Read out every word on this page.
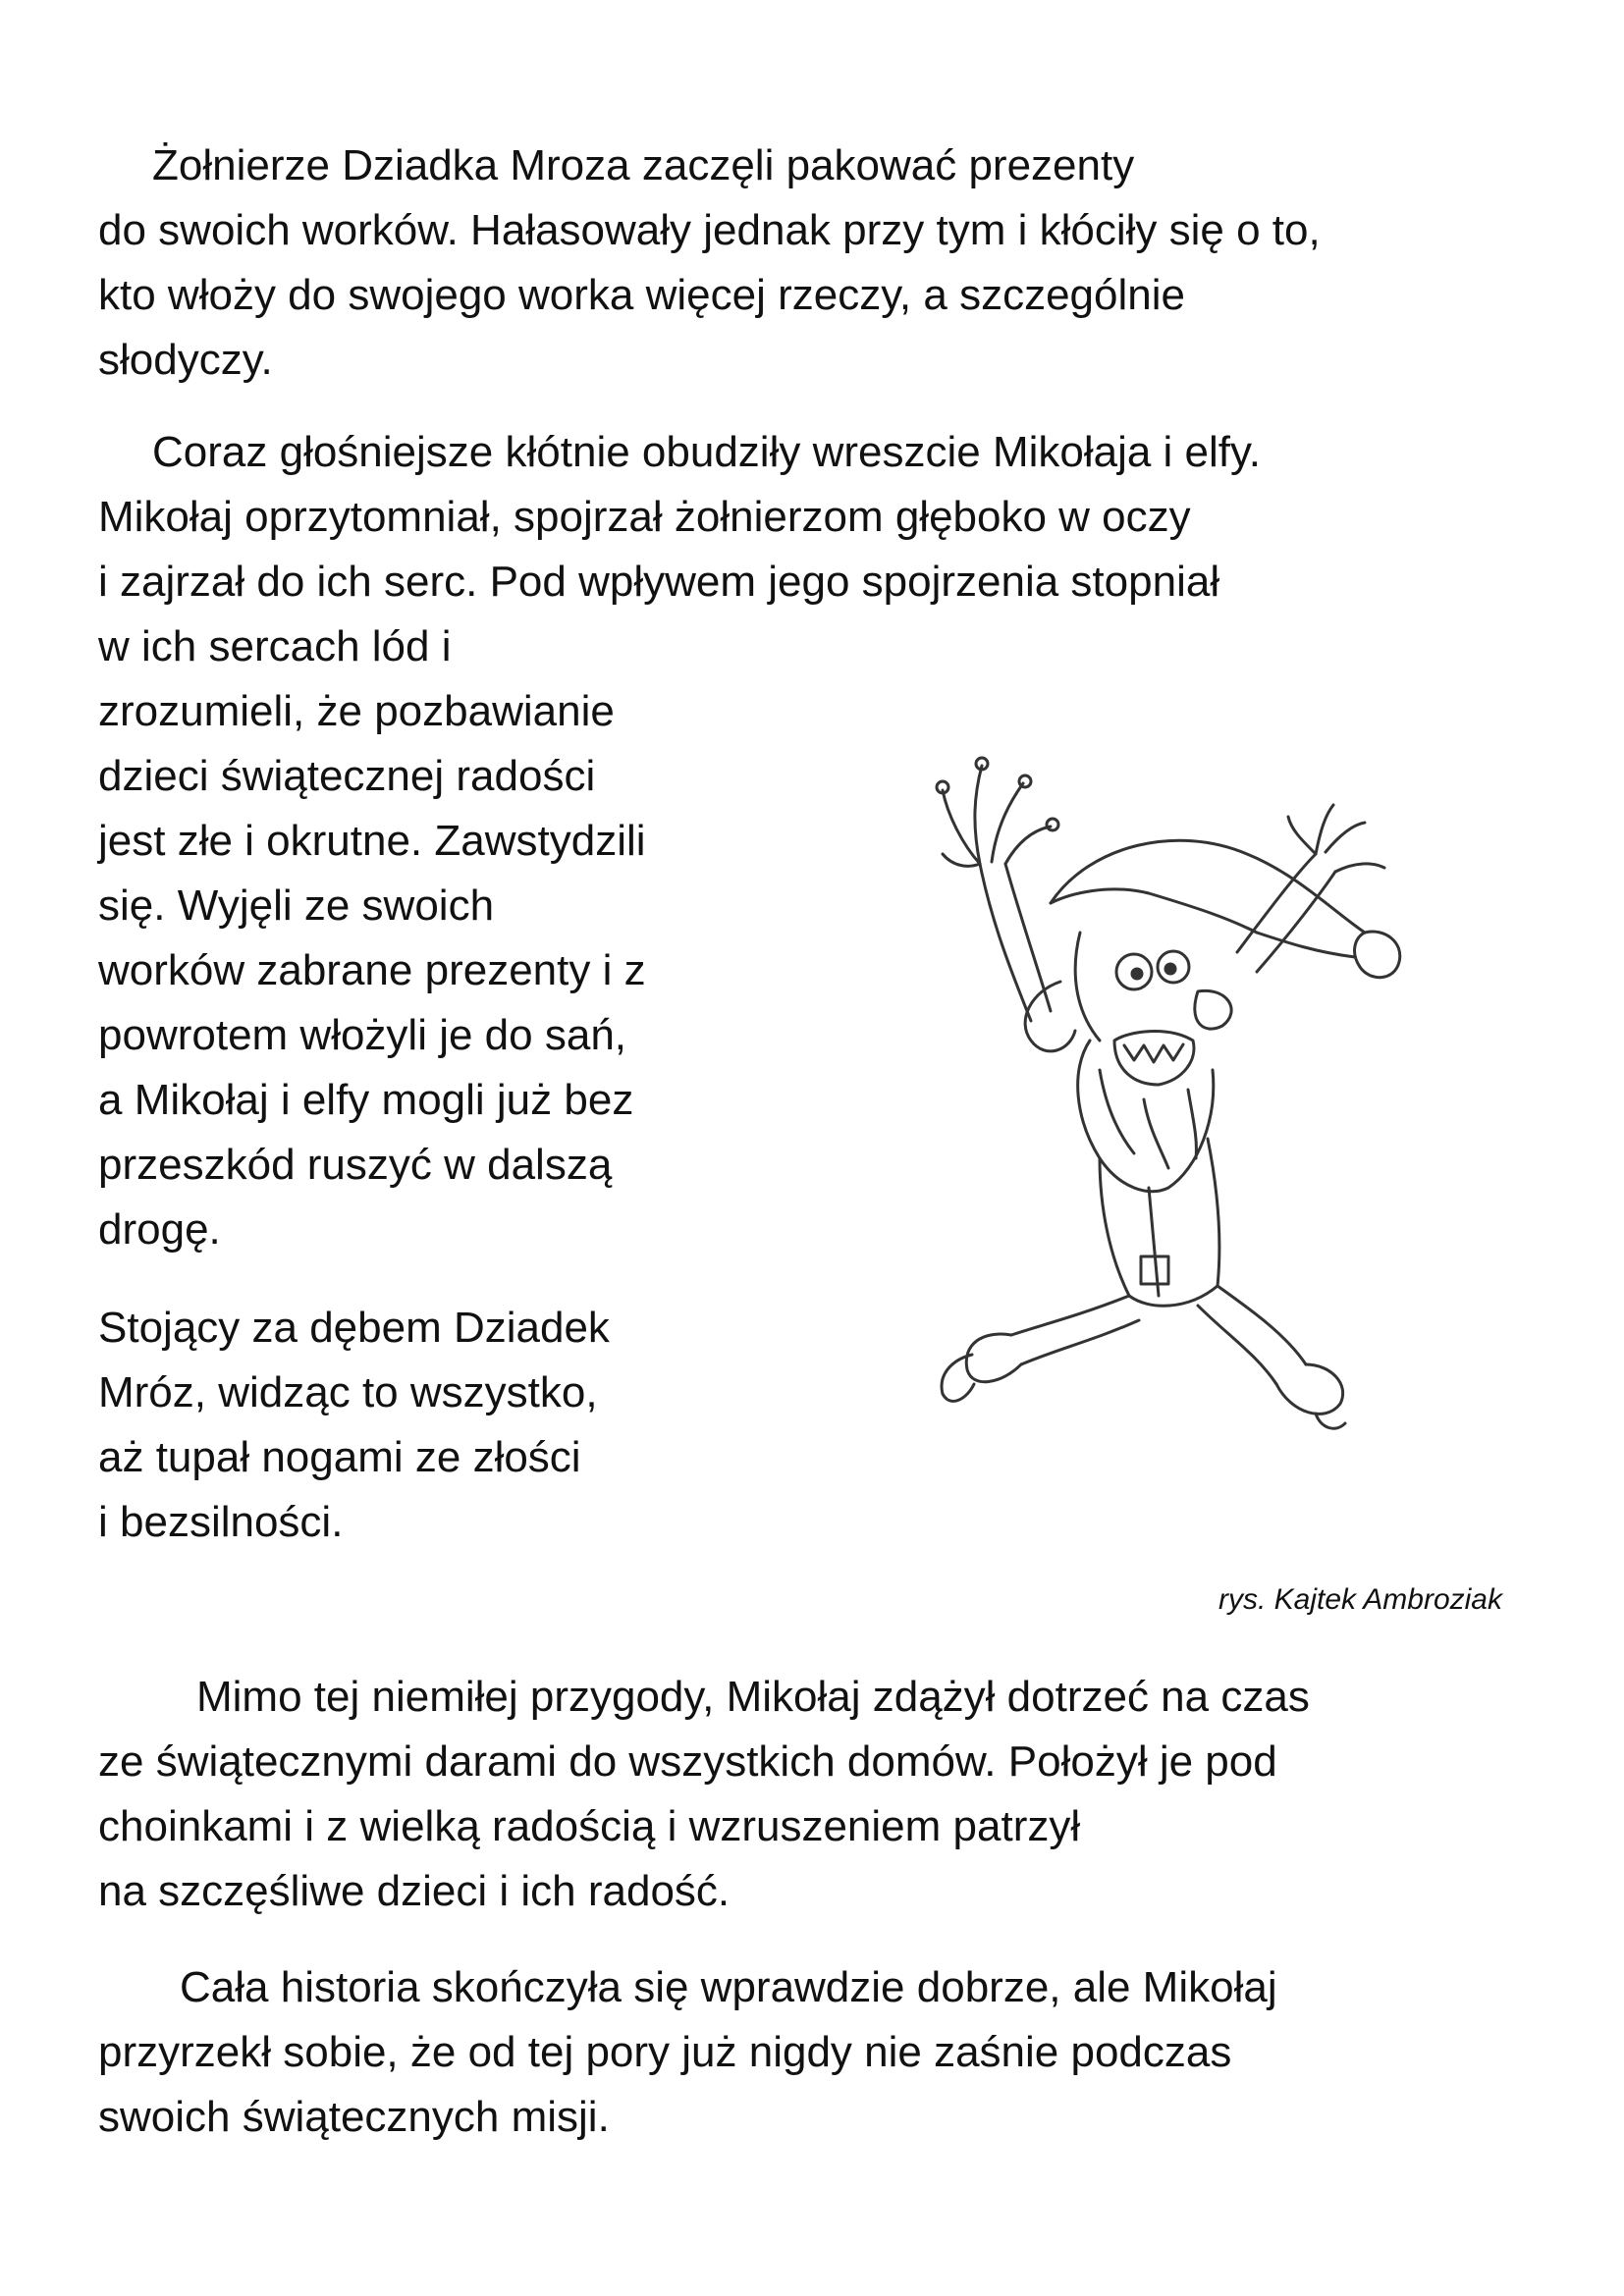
Żołnierze Dziadka Mroza zaczęli pakować prezenty
do swoich worków. Hałasowały jednak przy tym i kłóciły się o to,
kto włoży do swojego worka więcej rzeczy, a szczególnie
słodyczy.
Coraz głośniejsze kłótnie obudziły wreszcie Mikołaja i elfy.
Mikołaj oprzytomniał, spojrzał żołnierzom głęboko w oczy
i zajrzał do ich serc. Pod wpływem jego spojrzenia stopniał
w ich sercach lód i
zrozumieli, że pozbawianie
dzieci świątecznej radości
jest złe i okrutne. Zawstydzili
się. Wyjęli ze swoich
worków zabrane prezenty i z
powrotem włożyli je do sań,
a Mikołaj i elfy mogli już bez
przeszkód ruszyć w dalszą
drogę.
Stojący za dębem Dziadek
Mróz, widząc to wszystko,
aż tupał nogami ze złości
i bezsilności.
rys. Kajtek Ambroziak
Mimo tej niemiłej przygody, Mikołaj zdążył dotrzeć na czas
ze świątecznymi darami do wszystkich domów. Położył je pod
choinkami i z wielką radością i wzruszeniem patrzył
na szczęśliwe dzieci i ich radość.
Cała historia skończyła się wprawdzie dobrze, ale Mikołaj
przyrzekł sobie, że od tej pory już nigdy nie zaśnie podczas
swoich świątecznych misji.
